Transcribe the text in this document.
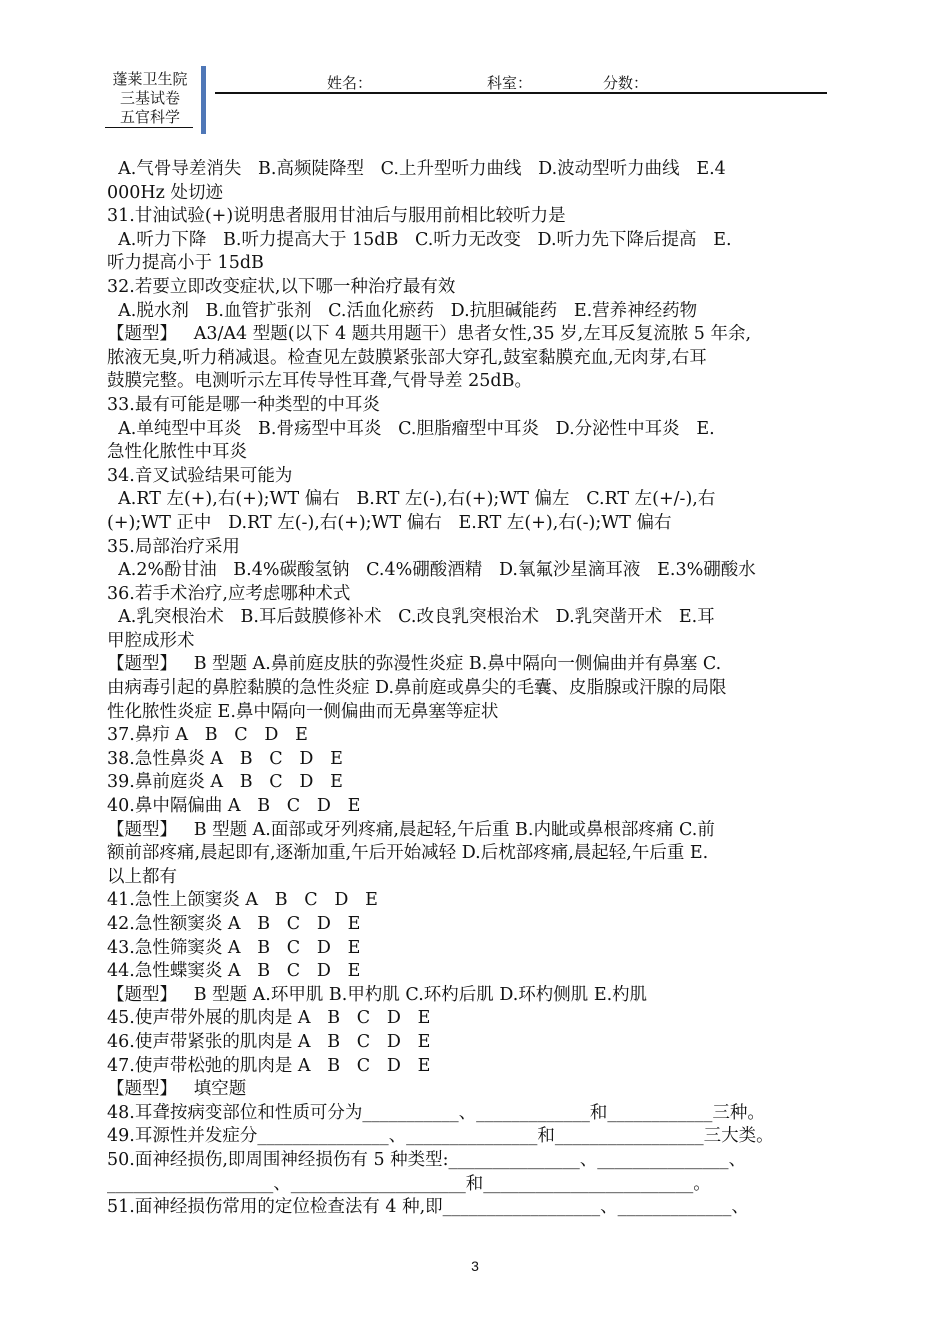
蓬莱卫生院
三基试卷
五官科学
姓名：	科室：	分数：

A.气骨导差消失   B.高频陡降型   C.上升型听力曲线   D.波动型听力曲线   E.4

000Hz 处切迹

31.甘油试验(+)说明患者服用甘油后与服用前相比较听力是

A.听力下降   B.听力提高大于 15dB   C.听力无改变   D.听力先下降后提高   E.

听力提高小于 15dB

32.若要立即改变症状,以下哪一种治疗最有效

A.脱水剂   B.血管扩张剂   C.活血化瘀药   D.抗胆碱能药   E.营养神经药物

【题型】   A3/A4 型题(以下 4 题共用题干）患者女性,35 岁,左耳反复流脓 5 年余,

脓液无臭,听力稍减退。检查见左鼓膜紧张部大穿孔,鼓室黏膜充血,无肉芽,右耳

鼓膜完整。电测听示左耳传导性耳聋,气骨导差 25dB。

33.最有可能是哪一种类型的中耳炎

A.单纯型中耳炎   B.骨疡型中耳炎   C.胆脂瘤型中耳炎   D.分泌性中耳炎   E.

急性化脓性中耳炎

34.音叉试验结果可能为

A.RT 左(+),右(+);WT 偏右   B.RT 左(-),右(+);WT 偏左   C.RT 左(+/-),右

(+);WT 正中   D.RT 左(-),右(+);WT 偏右   E.RT 左(+),右(-);WT 偏右

35.局部治疗采用

A.2%酚甘油   B.4%碳酸氢钠   C.4%硼酸酒精   D.氧氟沙星滴耳液   E.3%硼酸水

36.若手术治疗,应考虑哪种术式

A.乳突根治术   B.耳后鼓膜修补术   C.改良乳突根治术   D.乳突凿开术   E.耳

甲腔成形术

【题型】   B 型题 A.鼻前庭皮肤的弥漫性炎症 B.鼻中隔向一侧偏曲并有鼻塞 C.

由病毒引起的鼻腔黏膜的急性炎症 D.鼻前庭或鼻尖的毛囊、皮脂腺或汗腺的局限

性化脓性炎症 E.鼻中隔向一侧偏曲而无鼻塞等症状

37.鼻疖 A   B   C   D   E

38.急性鼻炎 A   B   C   D   E

39.鼻前庭炎 A   B   C   D   E

40.鼻中隔偏曲 A   B   C   D   E

【题型】   B 型题 A.面部或牙列疼痛,晨起轻,午后重 B.内眦或鼻根部疼痛 C.前

额前部疼痛,晨起即有,逐渐加重,午后开始减轻 D.后枕部疼痛,晨起轻,午后重 E.

以上都有

41.急性上颌窦炎 A   B   C   D   E

42.急性额窦炎 A   B   C   D   E

43.急性筛窦炎 A   B   C   D   E

44.急性蝶窦炎 A   B   C   D   E

【题型】   B 型题 A.环甲肌 B.甲杓肌 C.环杓后肌 D.环杓侧肌 E.杓肌

45.使声带外展的肌肉是 A   B   C   D   E

46.使声带紧张的肌肉是 A   B   C   D   E

47.使声带松弛的肌肉是 A   B   C   D   E

【题型】   填空题

48.耳聋按病变部位和性质可分为___________、_____________和____________三种。

49.耳源性并发症分_______________、_______________和_________________三大类。

50.面神经损伤,即周围神经损伤有 5 种类型:_______________、_______________、

___________________、____________________和________________________。

51.面神经损伤常用的定位检查法有 4 种,即__________________、_____________、

3
